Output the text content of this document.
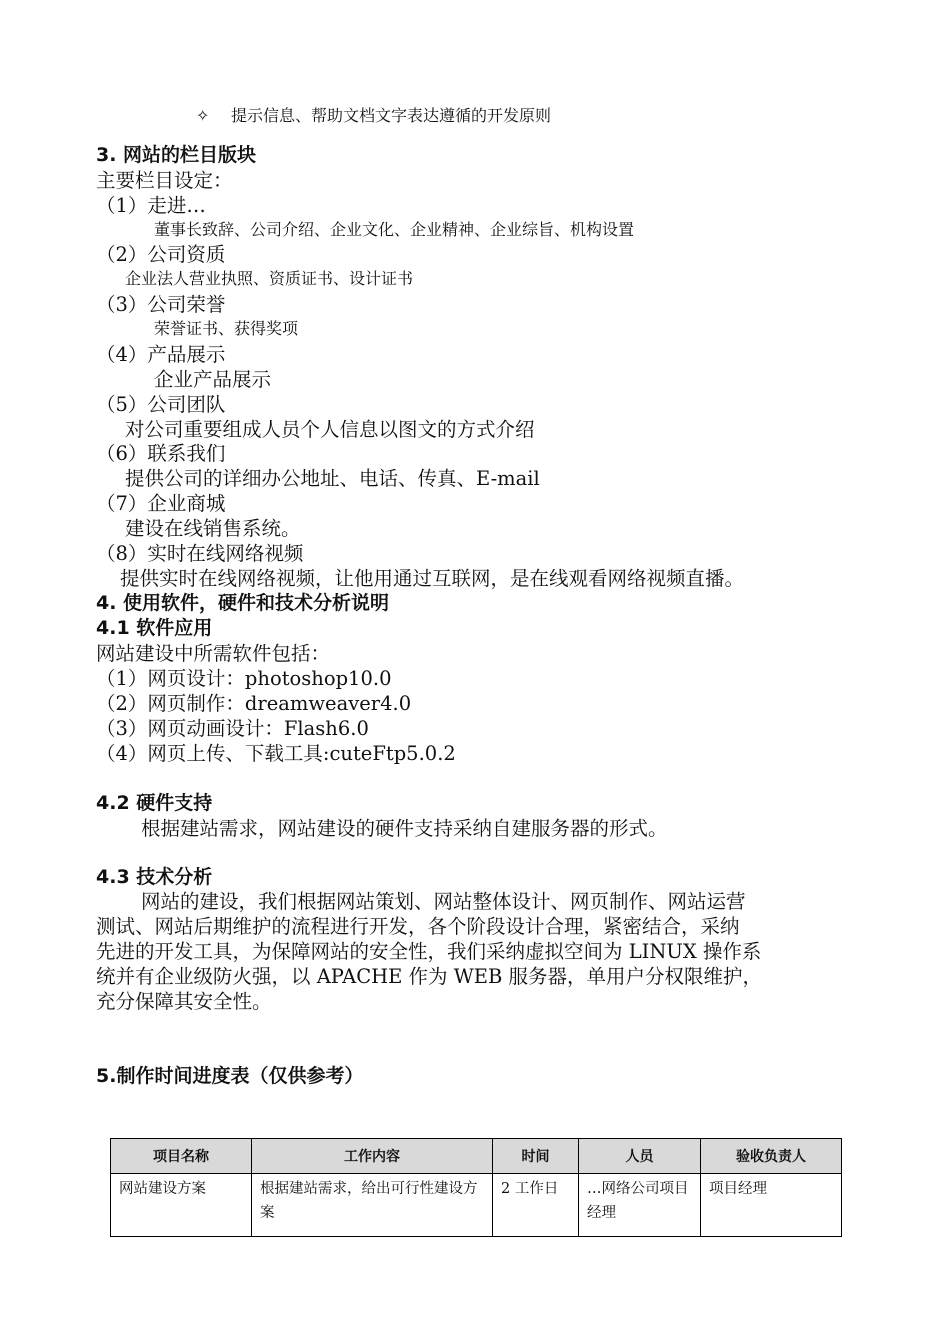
✧ 提示信息、帮助文档文字表达遵循的开发原则
3. 网站的栏目版块
主要栏目设定：
（1）走进…
董事长致辞、公司介绍、企业文化、企业精神、企业综旨、机构设置
（2）公司资质
企业法人营业执照、资质证书、设计证书
（3）公司荣誉
荣誉证书、获得奖项
（4）产品展示
企业产品展示
（5）公司团队
对公司重要组成人员个人信息以图文的方式介绍
（6）联系我们
提供公司的详细办公地址、电话、传真、E-mail
（7）企业商城
建设在线销售系统。
（8）实时在线网络视频
提供实时在线网络视频，让他用通过互联网，是在线观看网络视频直播。
4. 使用软件，硬件和技术分析说明
4.1 软件应用
网站建设中所需软件包括：
（1）网页设计：photoshop10.0
（2）网页制作：dreamweaver4.0
（3）网页动画设计：Flash6.0
（4）网页上传、下载工具:cuteFtp5.0.2
4.2 硬件支持
根据建站需求，网站建设的硬件支持采纳自建服务器的形式。
4.3 技术分析
网站的建设，我们根据网站策划、网站整体设计、网页制作、网站运营
测试、网站后期维护的流程进行开发，各个阶段设计合理，紧密结合，采纳
先进的开发工具，为保障网站的安全性，我们采纳虚拟空间为 LINUX 操作系
统并有企业级防火强，以 APACHE 作为 WEB 服务器，单用户分权限维护，
充分保障其安全性。
5.制作时间进度表（仅供参考）
项目名称	工作内容	时间	人员	验收负责人
网站建设方案	根据建站需求，给出可行性建设方案	2 工作日	…网络公司项目经理	项目经理
